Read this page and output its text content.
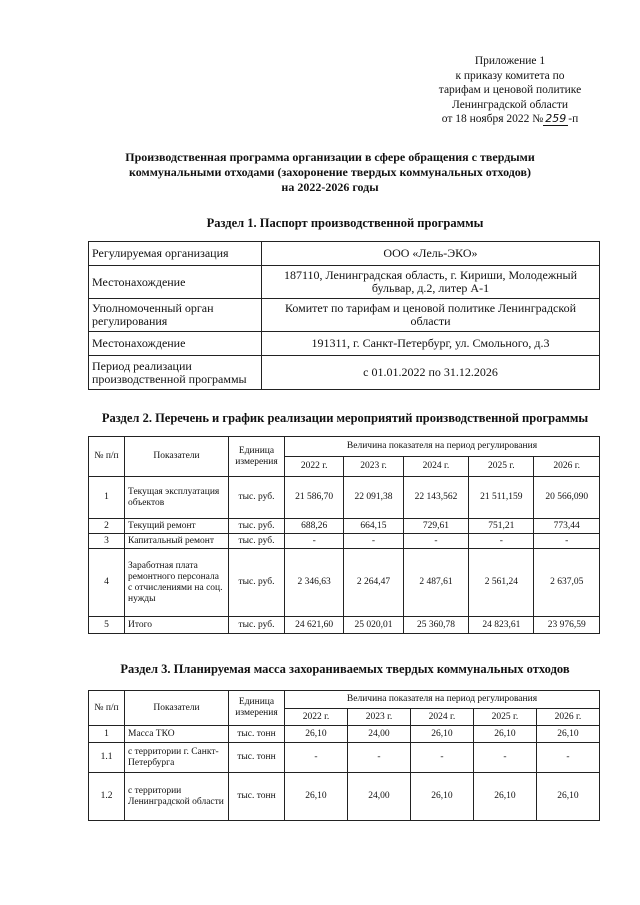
Приложение 1
к приказу комитета по
тарифам и ценовой политике
Ленинградской области
от 18 ноября 2022 № 259 -п
Производственная программа организации в сфере обращения с твердыми
коммунальными отходами (захоронение твердых коммунальных отходов)
на 2022-2026 годы
Раздел 1. Паспорт производственной программы
Регулируемая организация	ООО «Лель-ЭКО»
Местонахождение	187110, Ленинградская область, г. Кириши, Молодежный бульвар, д.2, литер А-1
Уполномоченный орган регулирования	Комитет по тарифам и ценовой политике Ленинградской области
Местонахождение	191311, г. Санкт-Петербург, ул. Смольного, д.3
Период реализации производственной программы	с 01.01.2022 по 31.12.2026
Раздел 2. Перечень и график реализации мероприятий производственной программы
№ п/п	Показатели	Единица измерения	Величина показателя на период регулирования				
			2022 г.	2023 г.	2024 г.	2025 г.	2026 г.
1	Текущая эксплуатация объектов	тыс. руб.	21 586,70	22 091,38	22 143,562	21 511,159	20 566,090
2	Текущий ремонт	тыс. руб.	688,26	664,15	729,61	751,21	773,44
3	Капитальный ремонт	тыс. руб.	-	-	-	-	-
4	Заработная плата ремонтного персонала с отчислениями на соц. нужды	тыс. руб.	2 346,63	2 264,47	2 487,61	2 561,24	2 637,05
5	Итого	тыс. руб.	24 621,60	25 020,01	25 360,78	24 823,61	23 976,59
Раздел 3. Планируемая масса захораниваемых твердых коммунальных отходов
№ п/п	Показатели	Единица измерения	Величина показателя на период регулирования				
			2022 г.	2023 г.	2024 г.	2025 г.	2026 г.
1	Масса ТКО	тыс. тонн	26,10	24,00	26,10	26,10	26,10
1.1	с территории г. Санкт-Петербурга	тыс. тонн	-	-	-	-	-
1.2	с территории Ленинградской области	тыс. тонн	26,10	24,00	26,10	26,10	26,10
